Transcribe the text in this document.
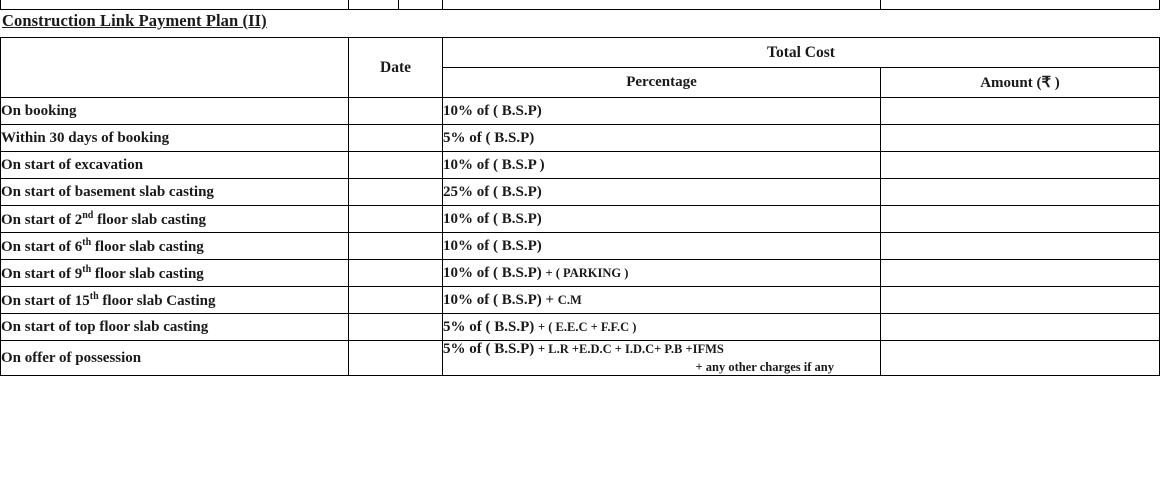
Construction Link Payment Plan (II)
	Date	Total Cost	
		Percentage	Amount (₹ )
On booking		10% of ( B.S.P)	
Within 30 days of booking		5% of ( B.S.P)	
On start of excavation		10% of ( B.S.P )	
On start of basement slab casting		25% of ( B.S.P)	
On start of 2nd floor slab casting		10% of ( B.S.P)	
On start of 6th floor slab casting		10% of ( B.S.P)	
On start of 9th floor slab casting		10% of ( B.S.P) + ( PARKING )	
On start of 15th floor slab Casting		10% of ( B.S.P) + C.M	
On start of top floor slab casting		5% of ( B.S.P) + ( E.E.C + F.F.C )	
On offer of possession		5% of ( B.S.P) + L.R +E.D.C + I.D.C+ P.B +IFMS
+ any other charges if any	
